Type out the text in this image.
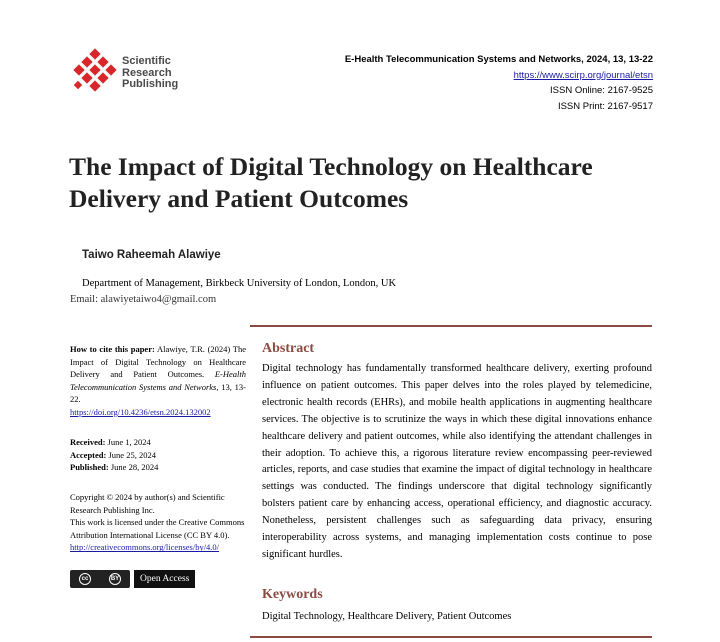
Scientific
Research
Publishing
E-Health Telecommunication Systems and Networks, 2024, 13, 13-22
https://www.scirp.org/journal/etsn
ISSN Online: 2167-9525
ISSN Print: 2167-9517
The Impact of Digital Technology on Healthcare Delivery and Patient Outcomes
Taiwo Raheemah Alawiye
Department of Management, Birkbeck University of London, London, UK
Email: alawiyetaiwo4@gmail.com
How to cite this paper: Alawiye, T.R. (2024) The Impact of Digital Technology on Healthcare Delivery and Patient Outcomes. E-Health Telecommunication Systems and Networks, 13, 13-22.
https://doi.org/10.4236/etsn.2024.132002
Received: June 1, 2024
Accepted: June 25, 2024
Published: June 28, 2024
Copyright © 2024 by author(s) and Scientific Research Publishing Inc.
This work is licensed under the Creative Commons Attribution International License (CC BY 4.0).
http://creativecommons.org/licenses/by/4.0/
cc	BY	Open Access
Abstract
Digital technology has fundamentally transformed healthcare delivery, exerting profound influence on patient outcomes. This paper delves into the roles played by telemedicine, electronic health records (EHRs), and mobile health applications in augmenting healthcare services. The objective is to scrutinize the ways in which these digital innovations enhance healthcare delivery and patient outcomes, while also identifying the attendant challenges in their adoption. To achieve this, a rigorous literature review encompassing peer-reviewed articles, reports, and case studies that examine the impact of digital technology in healthcare settings was conducted. The findings underscore that digital technology significantly bolsters patient care by enhancing access, operational efficiency, and diagnostic accuracy. Nonetheless, persistent challenges such as safeguarding data privacy, ensuring interoperability across systems, and managing implementation costs continue to pose significant hurdles.
Keywords
Digital Technology, Healthcare Delivery, Patient Outcomes
